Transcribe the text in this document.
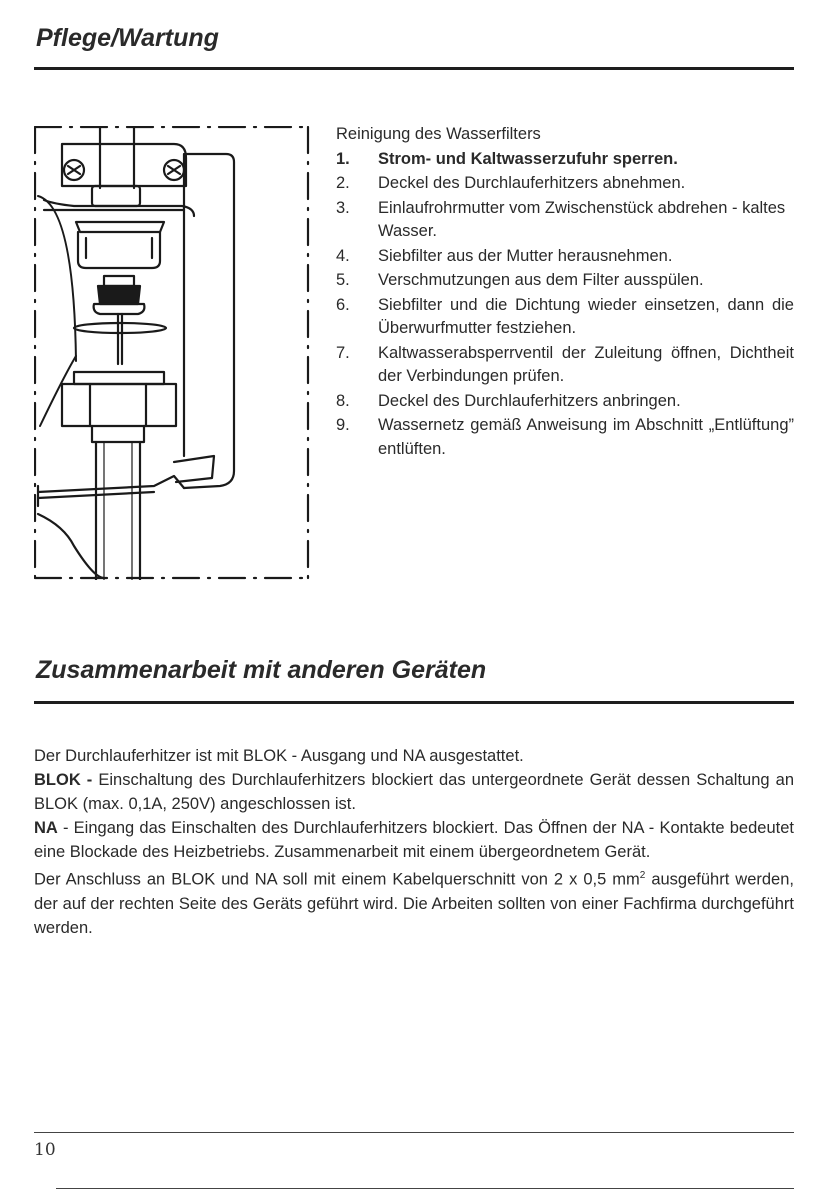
Pflege/Wartung

Reinigung des Wasserfilters

1. Strom- und Kaltwasserzufuhr sperren.
2. Deckel des Durchlauferhitzers abnehmen.
3. Einlaufrohrmutter vom Zwischenstück abdrehen - kaltes Wasser.
4. Siebfilter aus der Mutter herausnehmen.
5. Verschmutzungen aus dem Filter ausspülen.
6. Siebfilter und die Dichtung wieder einsetzen, dann die Überwurfmutter festziehen.
7. Kaltwasserabsperrventil der Zuleitung öffnen, Dichtheit der Verbindungen prüfen.
8. Deckel des Durchlauferhitzers anbringen.
9. Wassernetz gemäß Anweisung im Abschnitt „Entlüftung” entlüften.
Zusammenarbeit mit anderen Geräten

Der Durchlauferhitzer ist mit BLOK - Ausgang und NA ausgestattet.

BLOK - Einschaltung des Durchlauferhitzers blockiert das untergeordnete Gerät dessen Schaltung an BLOK (max. 0,1A, 250V) angeschlossen ist.

NA - Eingang das Einschalten des Durchlauferhitzers blockiert. Das Öffnen der NA - Kontakte bedeutet eine Blockade des Heizbetriebs. Zusammenarbeit mit einem übergeordnetem Gerät.

Der Anschluss an BLOK und NA soll mit einem Kabelquerschnitt von 2 x 0,5 $mm^2$ ausgeführt werden, der auf der rechten Seite des Geräts geführt wird. Die Arbeiten sollten von einer Fachfirma durchgeführt werden.

10
